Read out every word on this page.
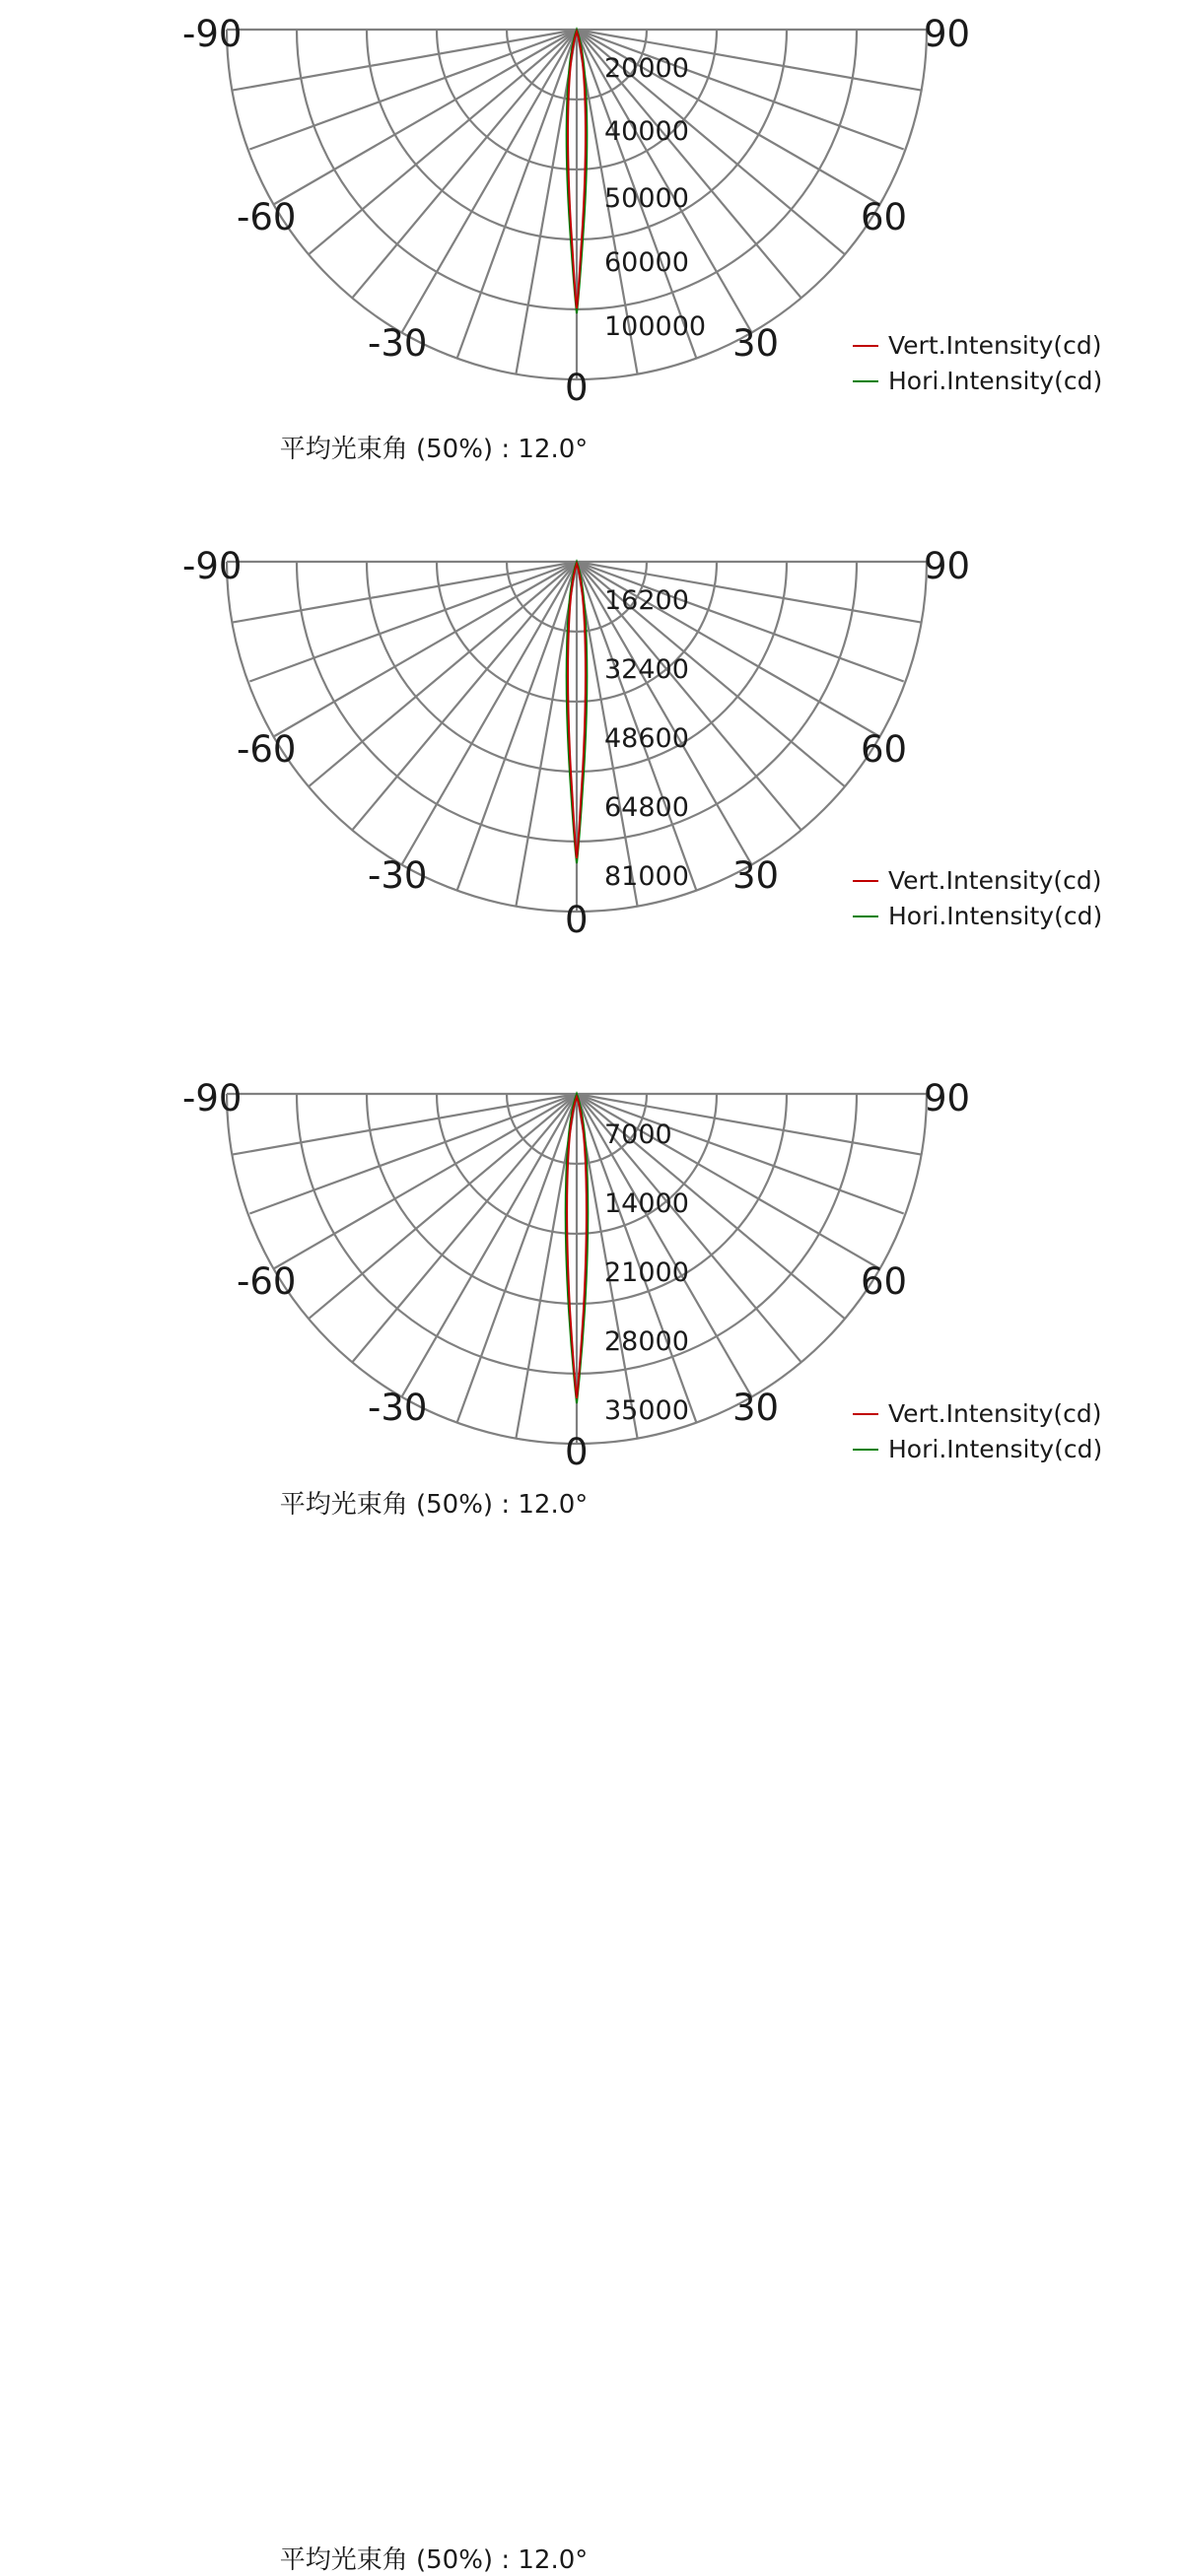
20000
40000
50000
60000
100000
-90	90
-60	60
-30	30
0
Vert.Intensity(cd)
Hori.Intensity(cd)
平均光束角 (50%) : 12.0°
16200
32400
48600
64800
81000
-90	90
-60	60
-30	30
0
Vert.Intensity(cd)
Hori.Intensity(cd)
平均光束角 (50%) : 12.0°
7000
14000
21000
28000
35000
-90	90
-60	60
-30	30
0
Vert.Intensity(cd)
Hori.Intensity(cd)
平均光束角 (50%) : 12.0°
